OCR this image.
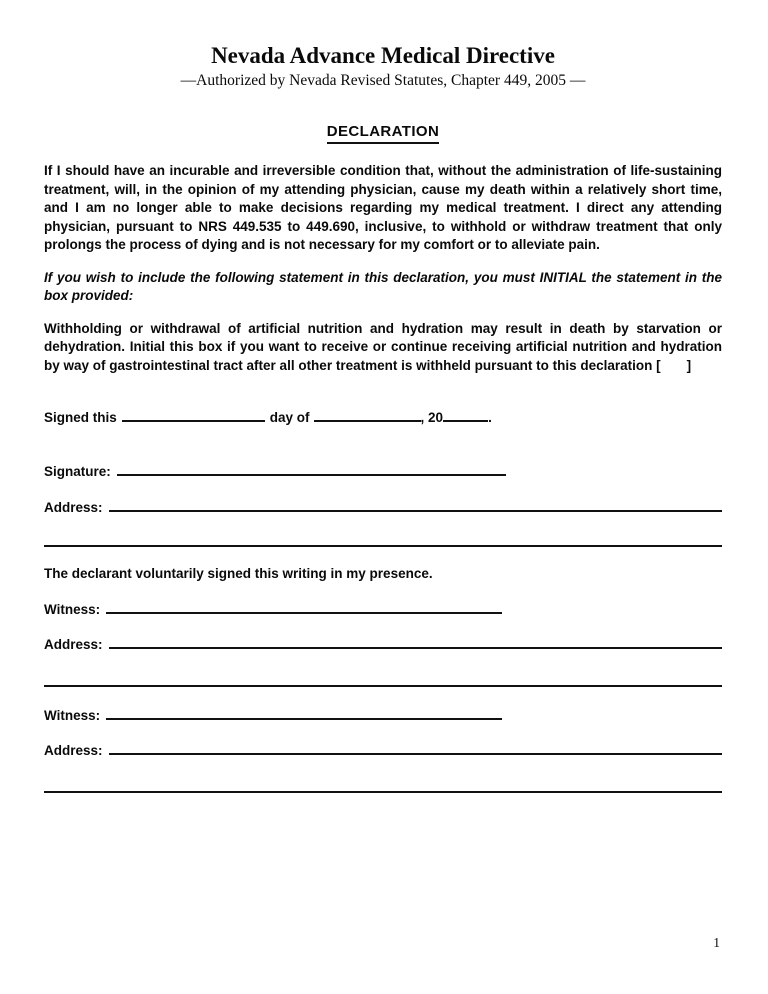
Nevada Advance Medical Directive
—Authorized by Nevada Revised Statutes, Chapter 449, 2005 —
DECLARATION

If I should have an incurable and irreversible condition that, without the administration of life-sustaining treatment, will, in the opinion of my attending physician, cause my death within a relatively short time, and I am no longer able to make decisions regarding my medical treatment. I direct any attending physician, pursuant to NRS 449.535 to 449.690, inclusive, to withhold or withdraw treatment that only prolongs the process of dying and is not necessary for my comfort or to alleviate pain.

If you wish to include the following statement in this declaration, you must INITIAL the statement in the box provided:

Withholding or withdrawal of artificial nutrition and hydration may result in death by starvation or dehydration. Initial this box if you want to receive or continue receiving artificial nutrition and hydration by way of gastrointestinal tract after all other treatment is withheld pursuant to this declaration [ ]

Signed this	day of	, 20	.
Signature:
Address:

The declarant voluntarily signed this writing in my presence.

Witness:
Address:
Witness:
Address:
1
